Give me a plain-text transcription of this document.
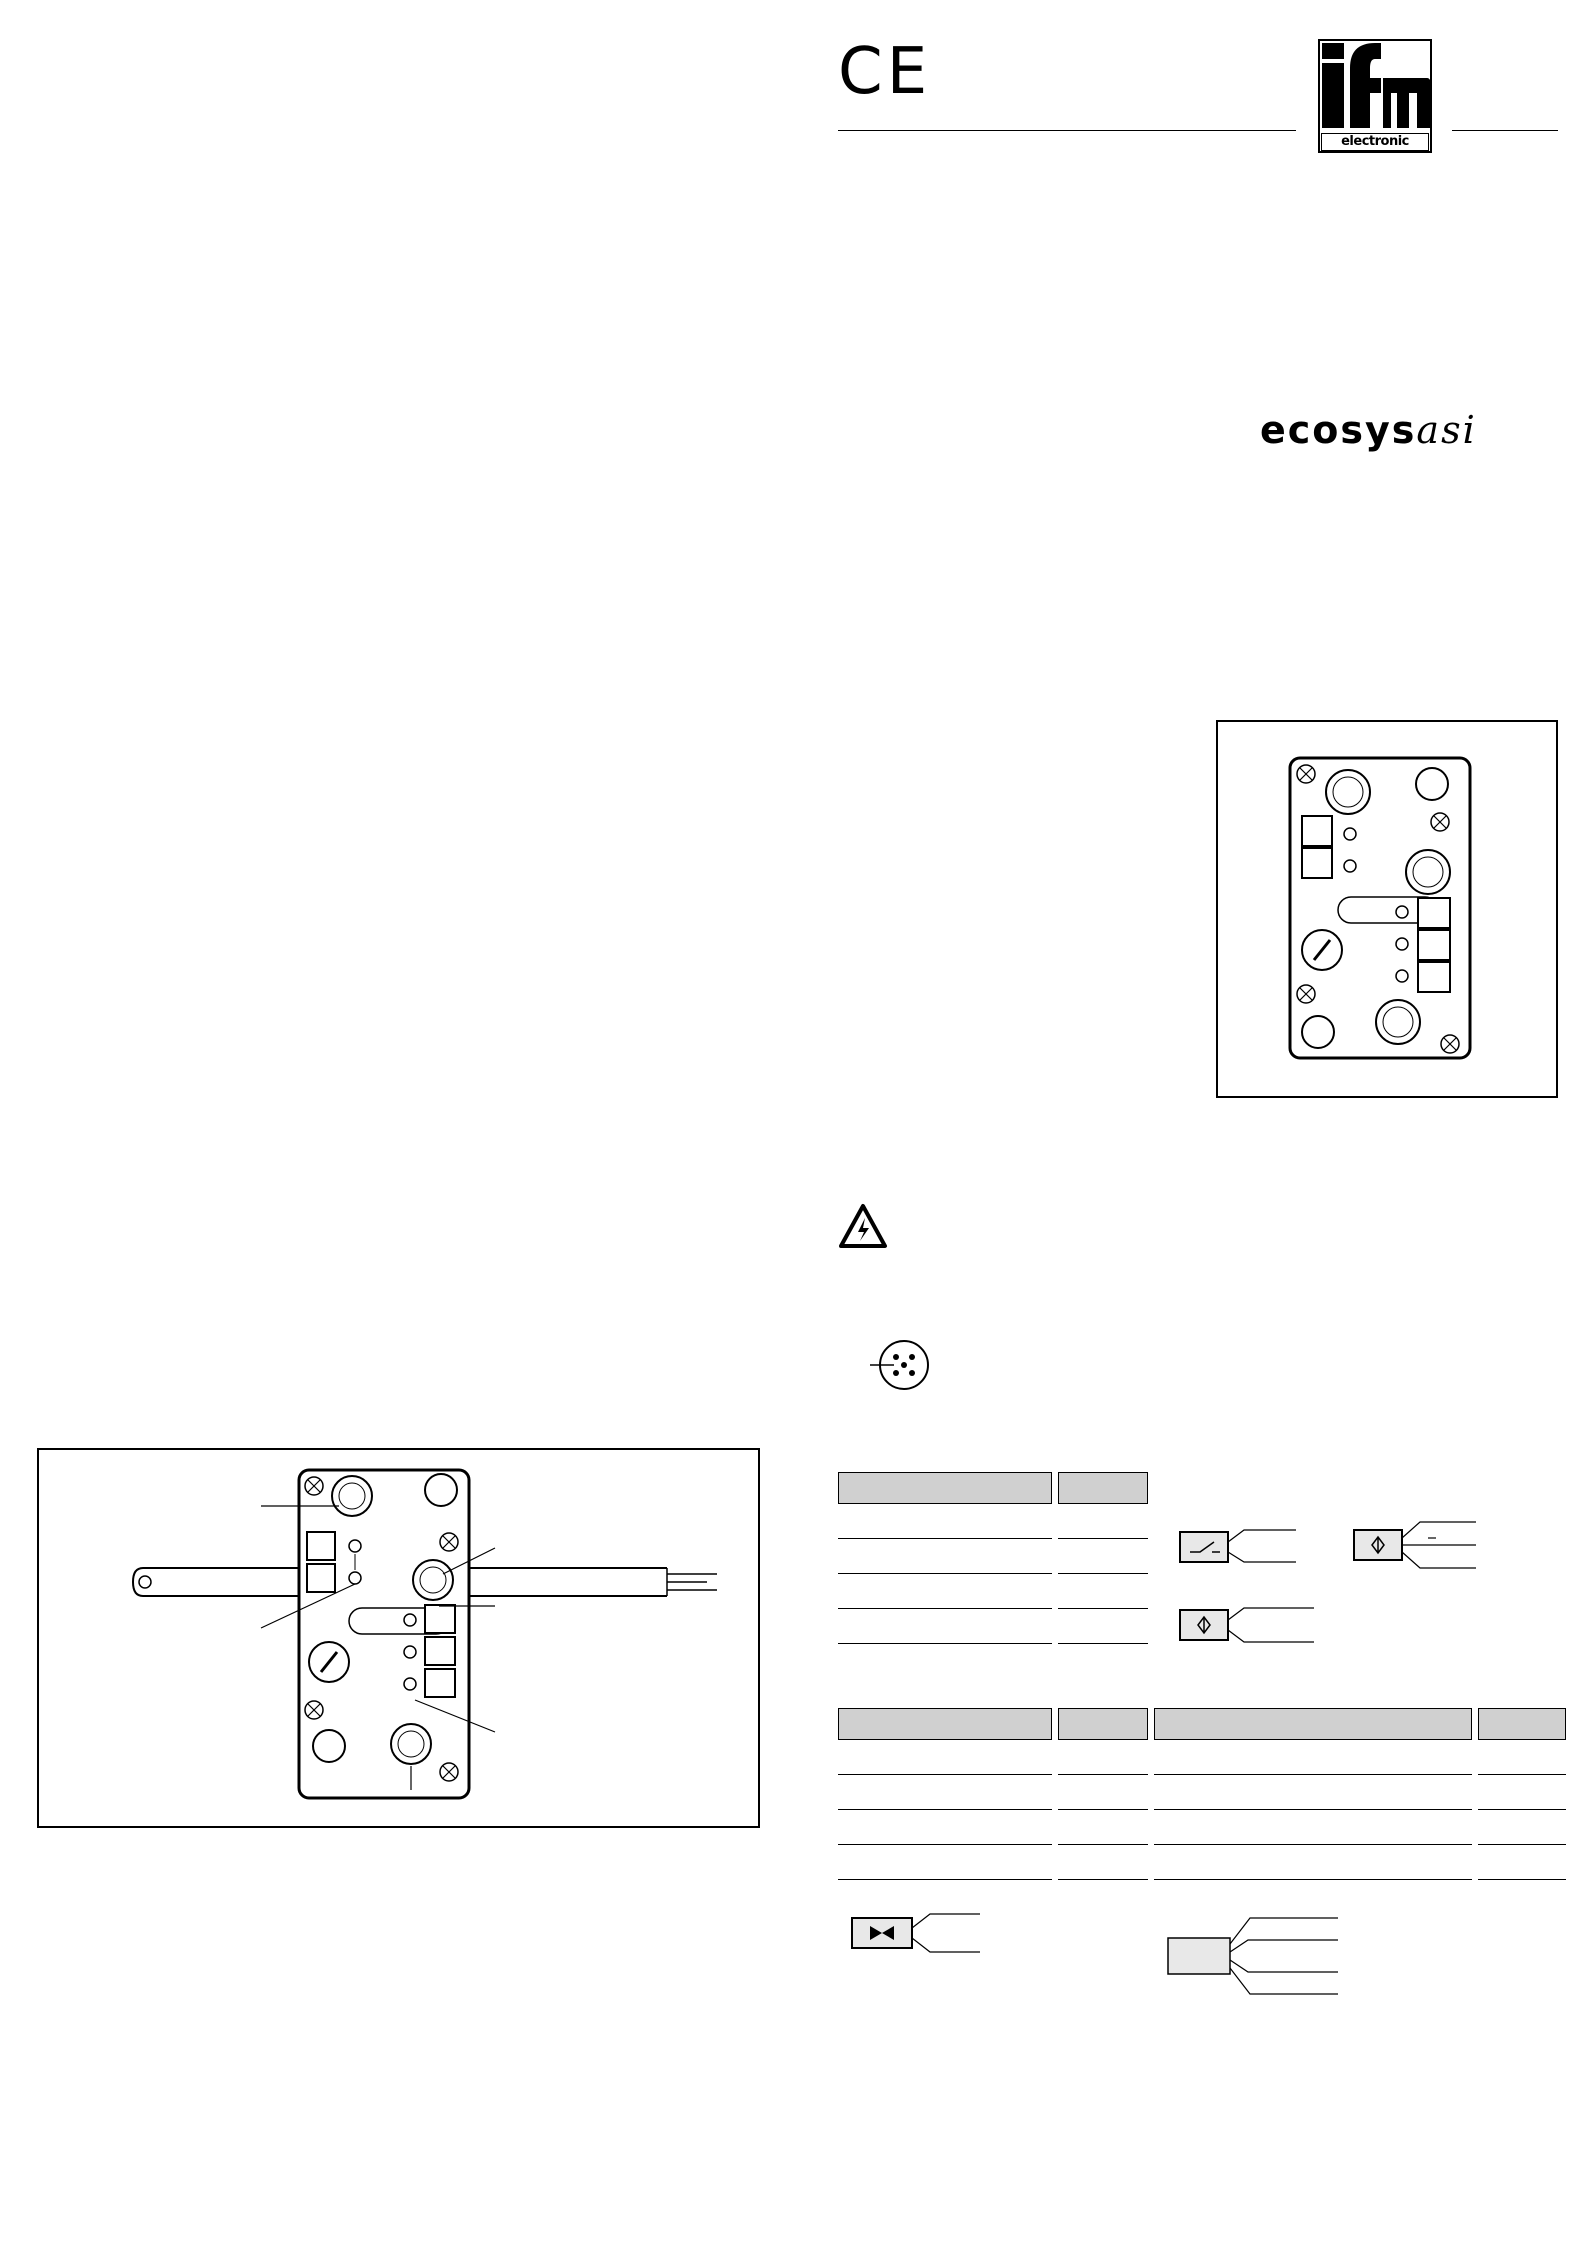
CE
electronic
ecosysasi
